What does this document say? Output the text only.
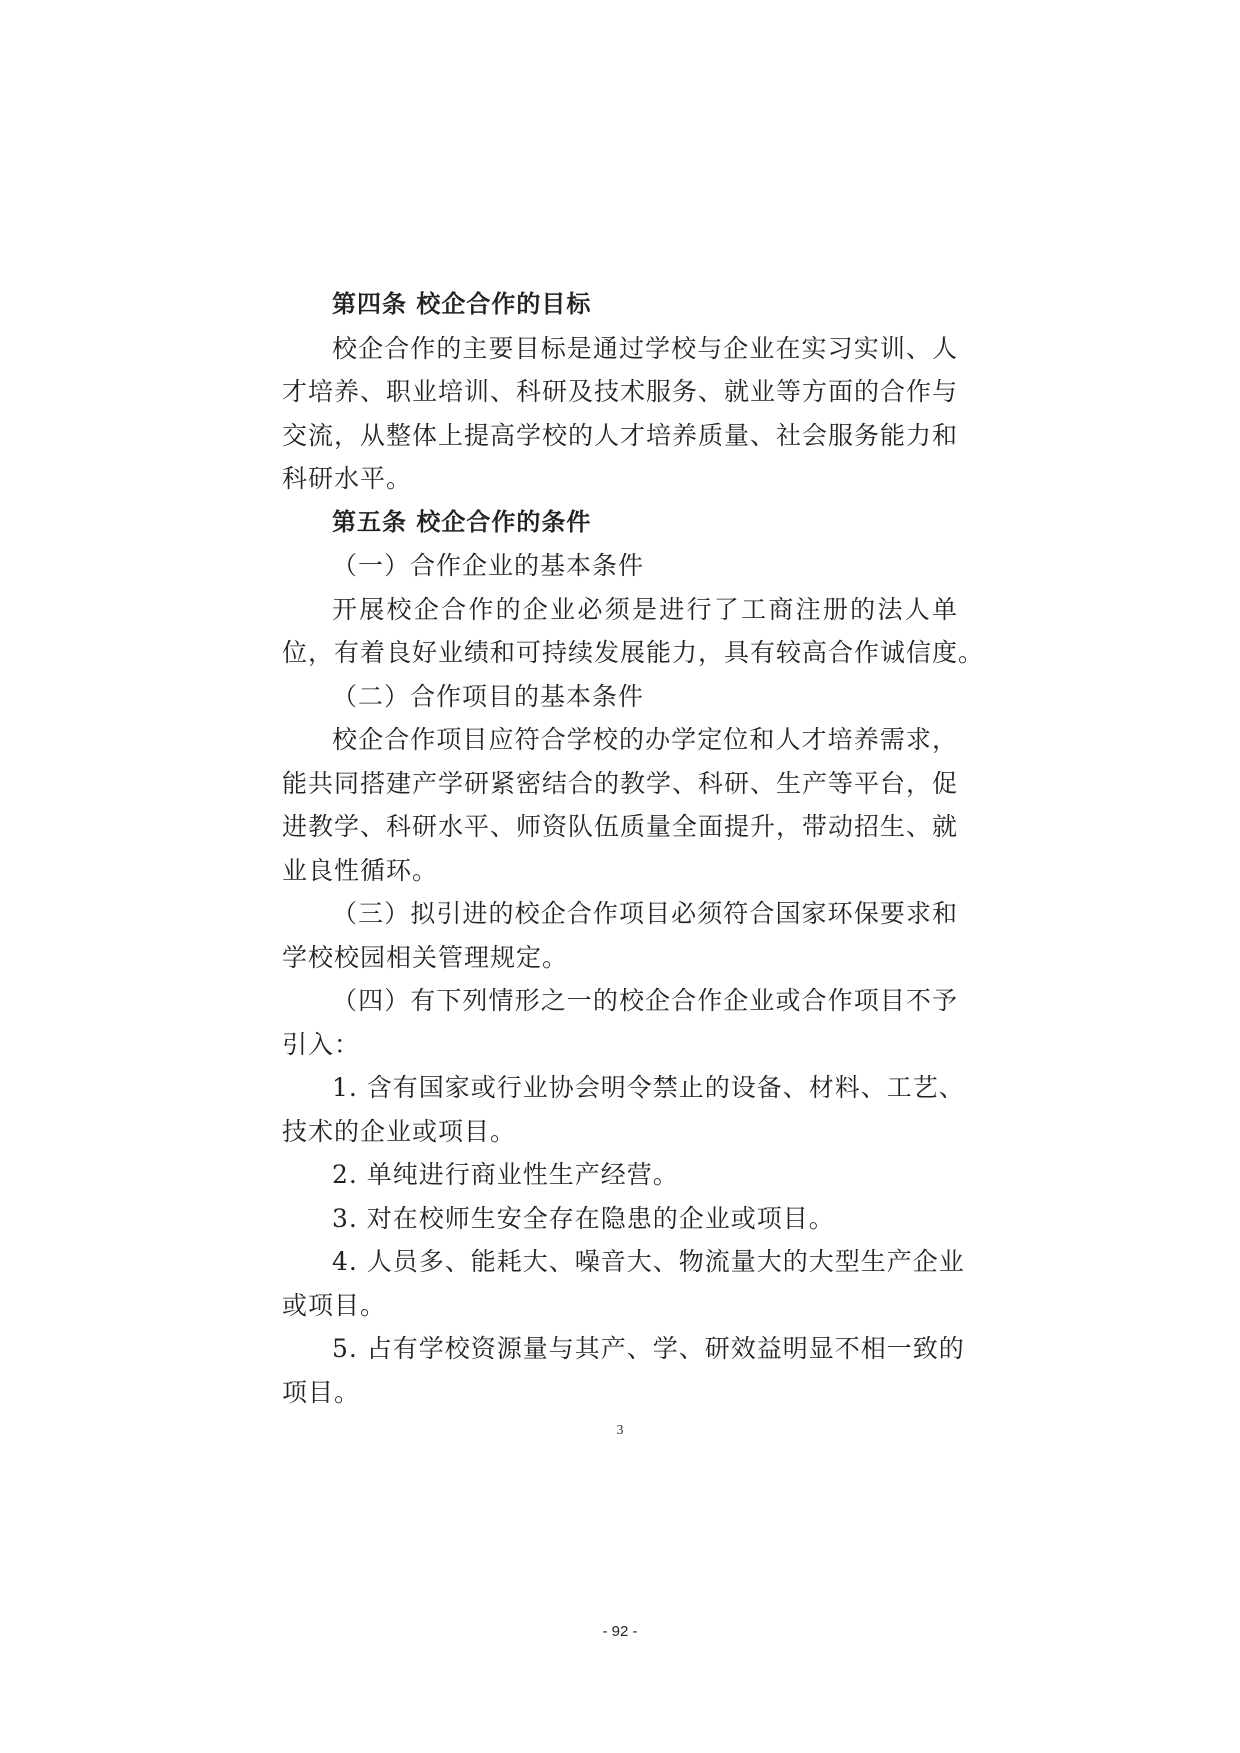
第四条 校企合作的目标
校企合作的主要目标是通过学校与企业在实习实训、人
才培养、职业培训、科研及技术服务、就业等方面的合作与
交流，从整体上提高学校的人才培养质量、社会服务能力和
科研水平。
第五条 校企合作的条件
（一）合作企业的基本条件
开展校企合作的企业必须是进行了工商注册的法人单
位，有着良好业绩和可持续发展能力，具有较高合作诚信度。
（二）合作项目的基本条件
校企合作项目应符合学校的办学定位和人才培养需求，
能共同搭建产学研紧密结合的教学、科研、生产等平台，促
进教学、科研水平、师资队伍质量全面提升，带动招生、就
业良性循环。
（三）拟引进的校企合作项目必须符合国家环保要求和
学校校园相关管理规定。
（四）有下列情形之一的校企合作企业或合作项目不予
引入：
1. 含有国家或行业协会明令禁止的设备、材料、工艺、
技术的企业或项目。
2. 单纯进行商业性生产经营。
3. 对在校师生安全存在隐患的企业或项目。
4. 人员多、能耗大、噪音大、物流量大的大型生产企业
或项目。
5. 占有学校资源量与其产、学、研效益明显不相一致的
项目。
3
- 92 -
